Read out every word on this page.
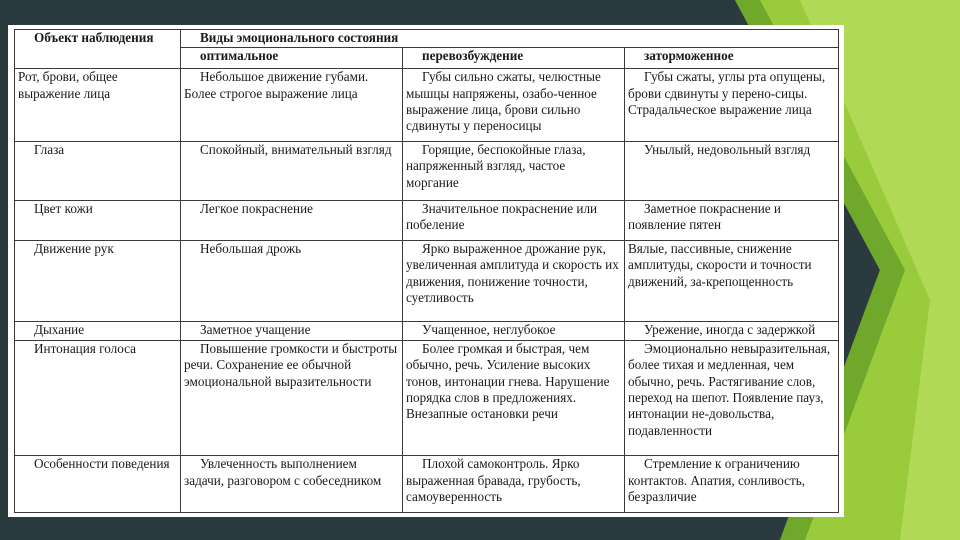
Объект наблюдения	Виды эмоционального состояния		
	оптимальное	перевозбуждение	заторможенное
Рот, брови, общее выражение лица	Небольшое движение губами. Более строгое выражение лица	Губы сильно сжаты, челюстные мышцы напряжены, озабо-ченное выражение лица, брови сильно сдвинуты у переносицы	Губы сжаты, углы рта опущены, брови сдвинуты у перено-сицы. Страдальческое выражение лица
Глаза	Спокойный, внимательный взгляд	Горящие, беспокойные глаза, напряженный взгляд, частое моргание	Унылый, недовольный взгляд
Цвет кожи	Легкое покраснение	Значительное покраснение или побеление	Заметное покраснение и появление пятен
Движение рук	Небольшая дрожь	Ярко выраженное дрожание рук, увеличенная амплитуда и скорость их движения, понижение точности, суетливость	Вялые, пассивные, снижение амплитуды, скорости и точности движений, за-крепощенность
Дыхание	Заметное учащение	Учащенное, неглубокое	Урежение, иногда с задержкой
Интонация голоса	Повышение громкости и быстроты речи. Сохранение ее обычной эмоциональной выразительности	Более громкая и быстрая, чем обычно, речь. Усиление высоких тонов, интонации гнева. Нарушение порядка слов в предложениях. Внезапные остановки речи	Эмоционально невыразительная, более тихая и медленная, чем обычно, речь. Растягивание слов, переход на шепот. Появление пауз, интонации не-довольства, подавленности
Особенности поведения	Увлеченность выполнением задачи, разговором с собеседником	Плохой самоконтроль. Ярко выраженная бравада, грубость, самоуверенность	Стремление к ограничению контактов. Апатия, сонливость, безразличие
